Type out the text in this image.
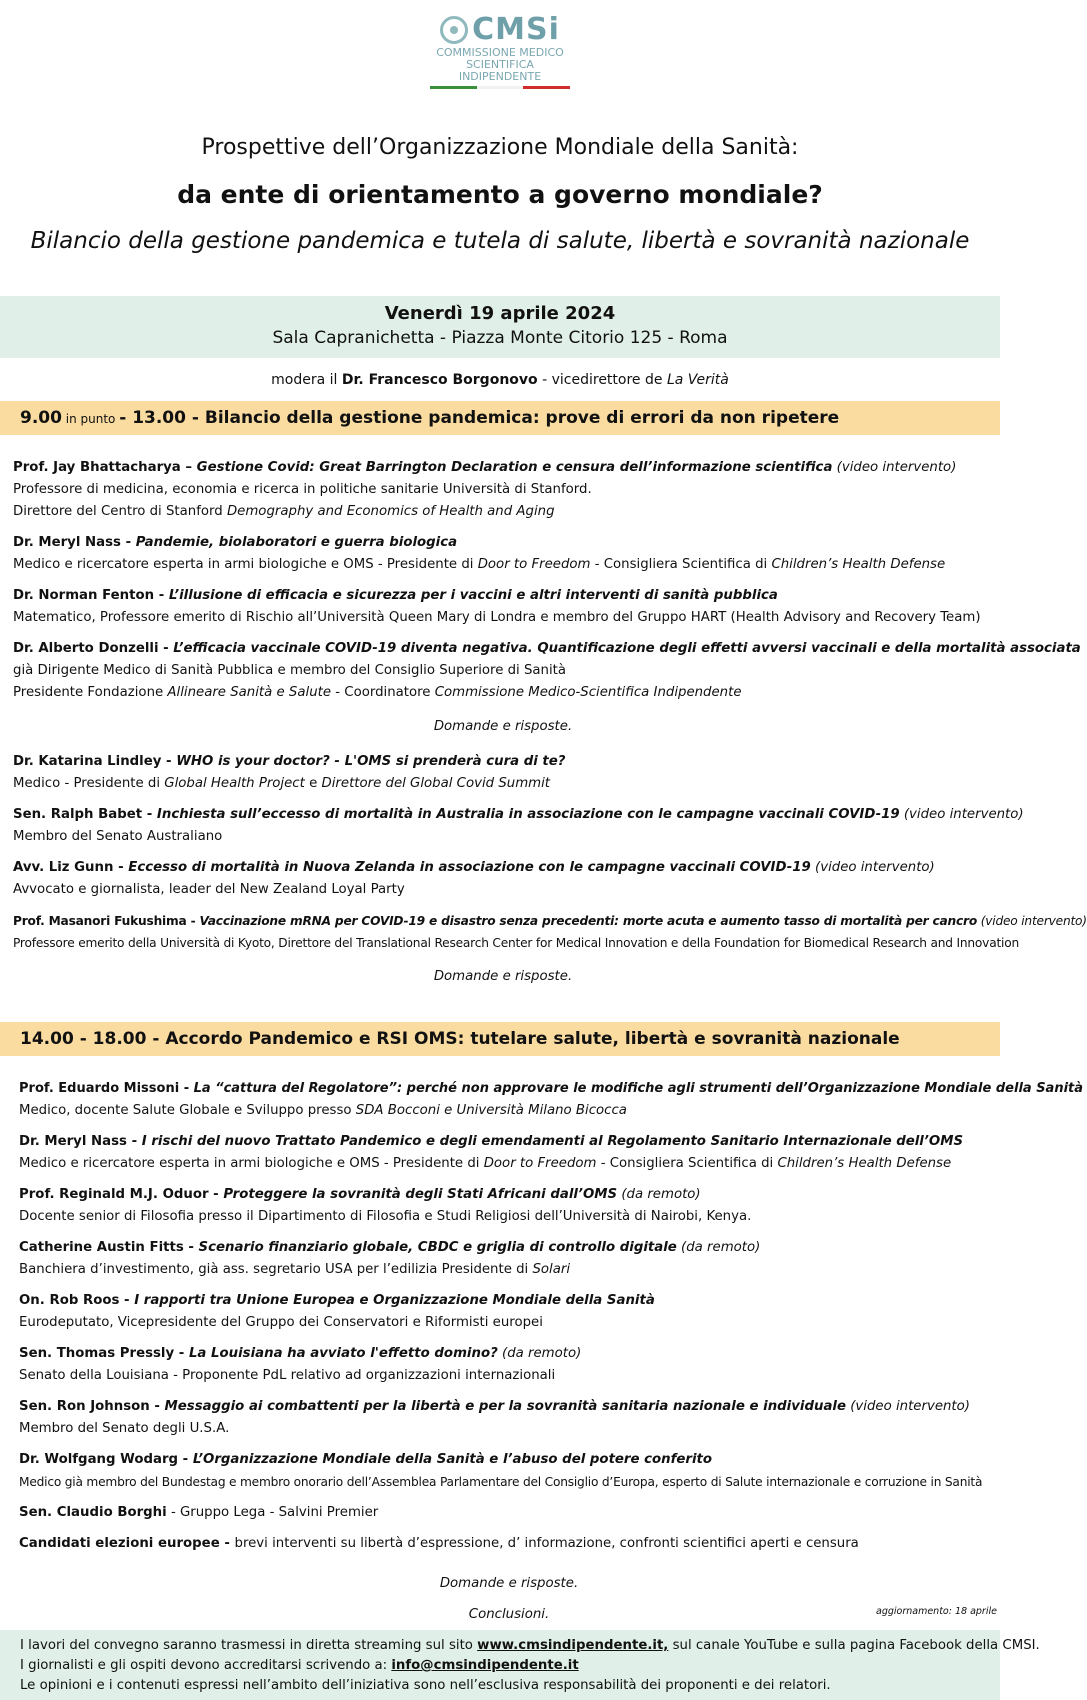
CMSi
COMMISSIONE MEDICO
SCIENTIFICA INDIPENDENTE
Prospettive dell’Organizzazione Mondiale della Sanità:
da ente di orientamento a governo mondiale?
Bilancio della gestione pandemica e tutela di salute, libertà e sovranità nazionale
Venerdì 19 aprile 2024
Sala Capranichetta - Piazza Monte Citorio 125 - Roma
modera il Dr. Francesco Borgonovo - vicedirettore de La Verità
9.00 in punto - 13.00 - Bilancio della gestione pandemica: prove di errori da non ripetere
Prof. Jay Bhattacharya – Gestione Covid: Great Barrington Declaration e censura dell’informazione scientifica (video intervento)
Professore di medicina, economia e ricerca in politiche sanitarie Università di Stanford.
Direttore del Centro di Stanford Demography and Economics of Health and Aging
Dr. Meryl Nass - Pandemie, biolaboratori e guerra biologica
Medico e ricercatore esperta in armi biologiche e OMS - Presidente di Door to Freedom - Consigliera Scientifica di Children’s Health Defense
Dr. Norman Fenton - L’illusione di efficacia e sicurezza per i vaccini e altri interventi di sanità pubblica
Matematico, Professore emerito di Rischio all’Università Queen Mary di Londra e membro del Gruppo HART (Health Advisory and Recovery Team)
Dr. Alberto Donzelli - L’efficacia vaccinale COVID-19 diventa negativa. Quantificazione degli effetti avversi vaccinali e della mortalità associata
già Dirigente Medico di Sanità Pubblica e membro del Consiglio Superiore di Sanità
Presidente Fondazione Allineare Sanità e Salute - Coordinatore Commissione Medico-Scientifica Indipendente
Domande e risposte.
Dr. Katarina Lindley - WHO is your doctor? - L'OMS si prenderà cura di te?
Medico - Presidente di Global Health Project e Direttore del Global Covid Summit
Sen. Ralph Babet - Inchiesta sull’eccesso di mortalità in Australia in associazione con le campagne vaccinali COVID-19 (video intervento)
Membro del Senato Australiano
Avv. Liz Gunn - Eccesso di mortalità in Nuova Zelanda in associazione con le campagne vaccinali COVID-19 (video intervento)
Avvocato e giornalista, leader del New Zealand Loyal Party
Prof. Masanori Fukushima - Vaccinazione mRNA per COVID-19 e disastro senza precedenti: morte acuta e aumento tasso di mortalità per cancro (video intervento)
Professore emerito della Università di Kyoto, Direttore del Translational Research Center for Medical Innovation e della Foundation for Biomedical Research and Innovation
Domande e risposte.
14.00 - 18.00 - Accordo Pandemico e RSI OMS: tutelare salute, libertà e sovranità nazionale
Prof. Eduardo Missoni - La “cattura del Regolatore”: perché non approvare le modifiche agli strumenti dell’Organizzazione Mondiale della Sanità
Medico, docente Salute Globale e Sviluppo presso SDA Bocconi e Università Milano Bicocca
Dr. Meryl Nass - I rischi del nuovo Trattato Pandemico e degli emendamenti al Regolamento Sanitario Internazionale dell’OMS
Medico e ricercatore esperta in armi biologiche e OMS - Presidente di Door to Freedom - Consigliera Scientifica di Children’s Health Defense
Prof. Reginald M.J. Oduor - Proteggere la sovranità degli Stati Africani dall’OMS (da remoto)
Docente senior di Filosofia presso il Dipartimento di Filosofia e Studi Religiosi dell’Università di Nairobi, Kenya.
Catherine Austin Fitts - Scenario finanziario globale, CBDC e griglia di controllo digitale (da remoto)
Banchiera d’investimento, già ass. segretario USA per l’edilizia Presidente di Solari
On. Rob Roos - I rapporti tra Unione Europea e Organizzazione Mondiale della Sanità
Eurodeputato, Vicepresidente del Gruppo dei Conservatori e Riformisti europei
Sen. Thomas Pressly - La Louisiana ha avviato l'effetto domino? (da remoto)
Senato della Louisiana - Proponente PdL relativo ad organizzazioni internazionali
Sen. Ron Johnson - Messaggio ai combattenti per la libertà e per la sovranità sanitaria nazionale e individuale (video intervento)
Membro del Senato degli U.S.A.
Dr. Wolfgang Wodarg - L’Organizzazione Mondiale della Sanità e l’abuso del potere conferito
Medico già membro del Bundestag e membro onorario dell’Assemblea Parlamentare del Consiglio d’Europa, esperto di Salute internazionale e corruzione in Sanità
Sen. Claudio Borghi - Gruppo Lega - Salvini Premier
Candidati elezioni europee - brevi interventi su libertà d’espressione, d’ informazione, confronti scientifici aperti e censura
Domande e risposte.
Conclusioni.	aggiornamento: 18 aprile
I lavori del convegno saranno trasmessi in diretta streaming sul sito www.cmsindipendente.it, sul canale YouTube e sulla pagina Facebook della CMSI.
I giornalisti e gli ospiti devono accreditarsi scrivendo a: info@cmsindipendente.it
Le opinioni e i contenuti espressi nell’ambito dell’iniziativa sono nell’esclusiva responsabilità dei proponenti e dei relatori.
